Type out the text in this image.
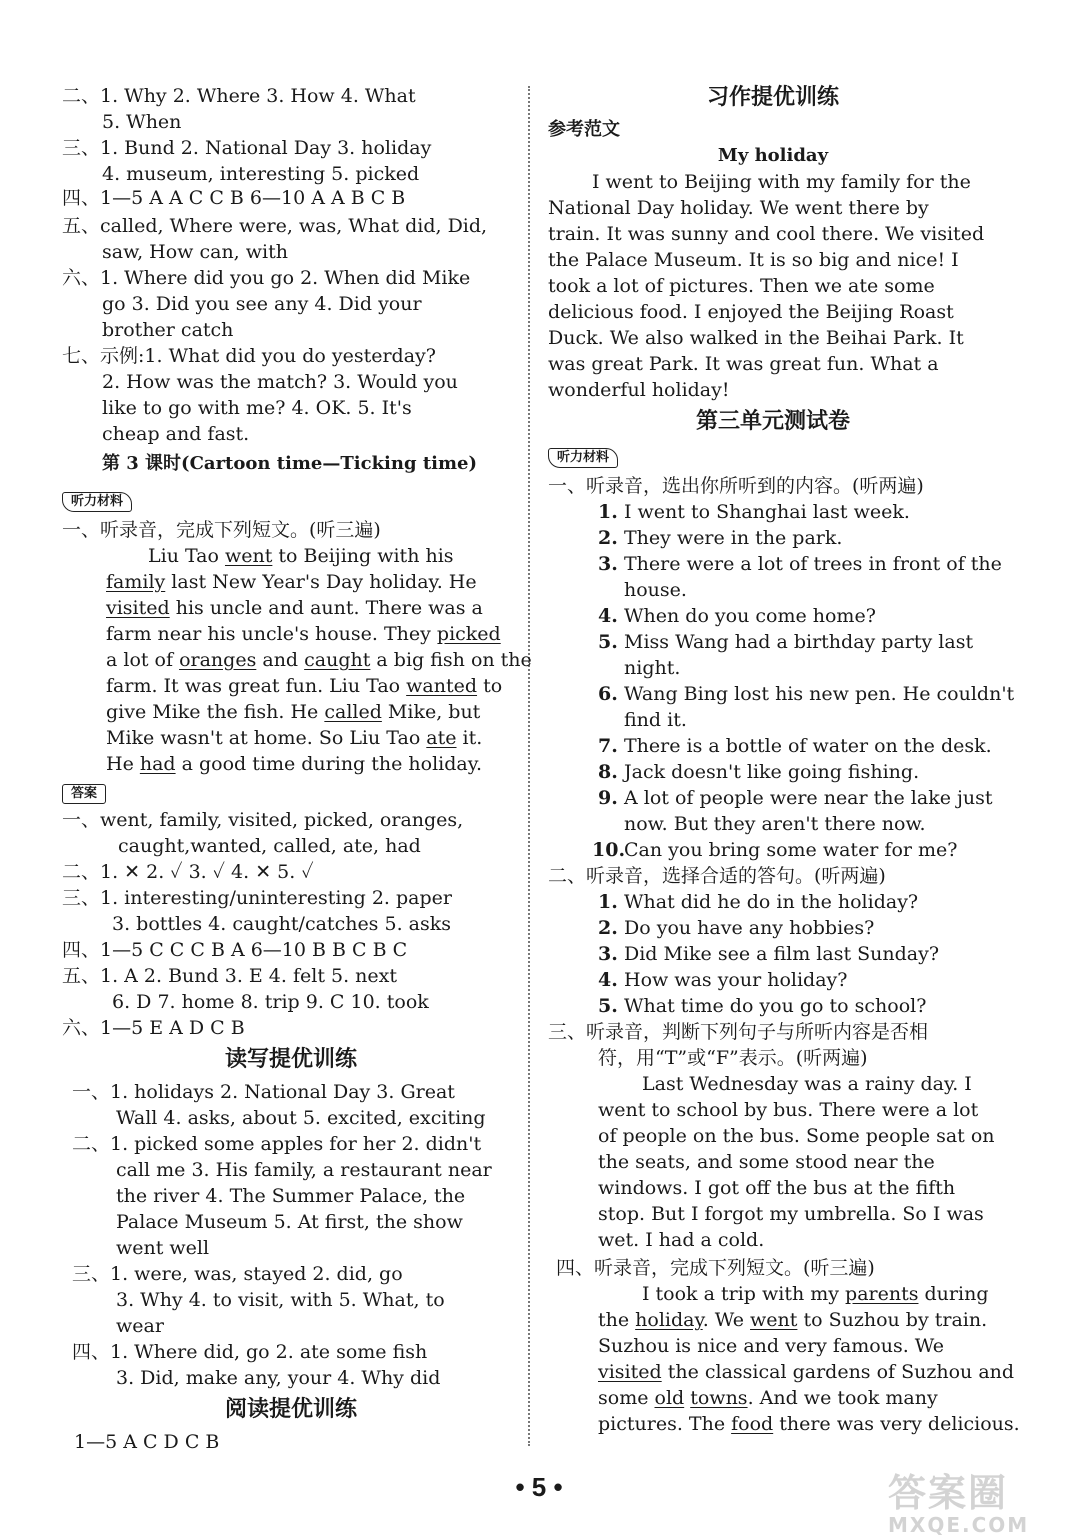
二、1. Why 2. Where 3. How 4. What
5. When
三、1. Bund 2. National Day 3. holiday
4. museum, interesting 5. picked
四、1—5 A A C C B 6—10 A A B C B
五、called, Where were, was, What did, Did,
saw, How can, with
六、1. Where did you go 2. When did Mike
go 3. Did you see any 4. Did your
brother catch
七、示例:1. What did you do yesterday?
2. How was the match? 3. Would you
like to go with me? 4. OK. 5. It's
cheap and fast.
第 3 课时(Cartoon time—Ticking time)
听力材料
一、听录音，完成下列短文。(听三遍)
Liu Tao went to Beijing with his
family last New Year's Day holiday. He
visited his uncle and aunt. There was a
farm near his uncle's house. They picked
a lot of oranges and caught a big fish on the
farm. It was great fun. Liu Tao wanted to
give Mike the fish. He called Mike, but
Mike wasn't at home. So Liu Tao ate it.
He had a good time during the holiday.
答案
一、went, family, visited, picked, oranges,
caught,wanted, called, ate, had
二、1. ✕ 2. ✓ 3. ✓ 4. ✕ 5. ✓
三、1. interesting/uninteresting 2. paper
3. bottles 4. caught/catches 5. asks
四、1—5 C C C B A 6—10 B B C B C
五、1. A 2. Bund 3. E 4. felt 5. next
6. D 7. home 8. trip 9. C 10. took
六、1—5 E A D C B
读写提优训练
一、1. holidays 2. National Day 3. Great
Wall 4. asks, about 5. excited, exciting
二、1. picked some apples for her 2. didn't
call me 3. His family, a restaurant near
the river 4. The Summer Palace, the
Palace Museum 5. At first, the show
went well
三、1. were, was, stayed 2. did, go
3. Why 4. to visit, with 5. What, to
wear
四、1. Where did, go 2. ate some fish
3. Did, make any, your 4. Why did
阅读提优训练
1—5 A C D C B
习作提优训练
参考范文
My holiday
I went to Beijing with my family for the
National Day holiday. We went there by
train. It was sunny and cool there. We visited
the Palace Museum. It is so big and nice! I
took a lot of pictures. Then we ate some
delicious food. I enjoyed the Beijing Roast
Duck. We also walked in the Beihai Park. It
was great Park. It was great fun. What a
wonderful holiday!
第三单元测试卷
听力材料
一、听录音，选出你所听到的内容。(听两遍)
1. I went to Shanghai last week.
2. They were in the park.
3. There were a lot of trees in front of the
house.
4. When do you come home?
5. Miss Wang had a birthday party last
night.
6. Wang Bing lost his new pen. He couldn't
find it.
7. There is a bottle of water on the desk.
8. Jack doesn't like going fishing.
9. A lot of people were near the lake just
now. But they aren't there now.
10.
Can you bring some water for me?
二、听录音，选择合适的答句。(听两遍)
1. What did he do in the holiday?
2. Do you have any hobbies?
3. Did Mike see a film last Sunday?
4. How was your holiday?
5. What time do you go to school?
三、听录音，判断下列句子与所听内容是否相
符，用“T”或“F”表示。(听两遍)
Last Wednesday was a rainy day. I
went to school by bus. There were a lot
of people on the bus. Some people sat on
the seats, and some stood near the
windows. I got off the bus at the fifth
stop. But I forgot my umbrella. So I was
wet. I had a cold.
四、听录音，完成下列短文。(听三遍)
I took a trip with my parents during
the holiday. We went to Suzhou by train.
Suzhou is nice and very famous. We
visited the classical gardens of Suzhou and
some old towns. And we took many
pictures. The food there was very delicious.
• 5 •	答案圈
MXQE.COM
